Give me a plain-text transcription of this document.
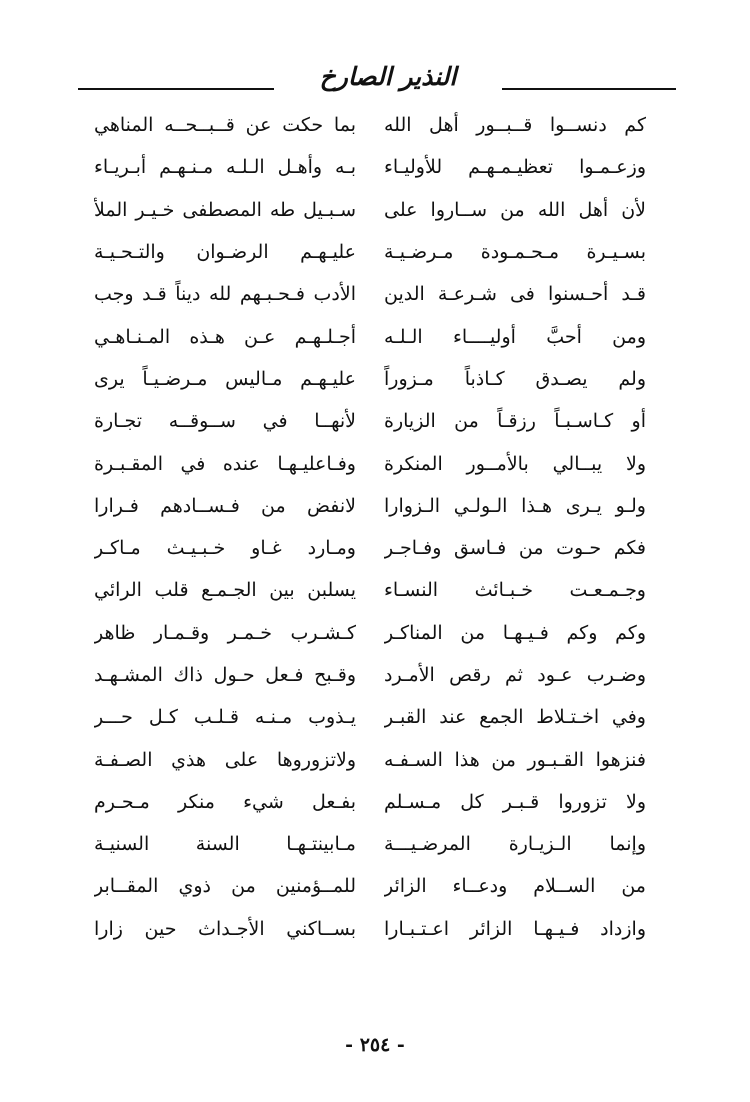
النذير الصارخ
كم دنســوا قــبــور أهل الله
بما حكت عن قــبــحــه المناهي
وزعـمـوا تعظيـمـهـم للأوليـاء
بـه وأهـل الـلـه مـنـهـم أبـريـاء
لأن أهل الله من ســاروا على
سـبـيل طه المصطفى خـيـر الملأ
بسـيـرة مـحـمـودة مـرضـيـة
عليـهـم الرضـوان والتـحـيـة
قـد أحـسنوا فى شـرعـة الدين
الأدب فـحـبـهم لله ديناً قـد وجب
ومن أحبَّ أوليــــاء الـلـه
أجـلـهـم عـن هـذه المـنـاهـي
ولم يصـدق كـاذباً مـزوراً
عليـهـم مـاليس مـرضـيـاً يرى
أو كـاسـبـاً رزقـاً من الزيارة
لأنهــا في ســوقــه تجـارة
ولا يبــالي بالأمــور المنكرة
وفـاعليـهـا عنده في المقـبـرة
ولـو يـرى هـذا الـولـي الـزوارا
لانفض من فـســادهم فـرارا
فكم حـوت من فـاسق وفـاجـر
ومـارد غـاو خـبـيـث مـاكـر
وجـمـعـت خـبـائث النسـاء
يسلبن بين الجـمـع قلب الرائي
وكم وكم فـيـهـا من المناكـر
كـشـرب خـمـر وقـمـار ظاهر
وضـرب عـود ثم رقص الأمـرد
وقـبح فـعل حـول ذاك المشـهـد
وفي اخـتـلاط الجمع عند القبـر
يـذوب مـنـه قـلـب كـل حـــر
فنزهوا القـبـور من هذا السـفـه
ولاتزوروها على هذي الصـفـة
ولا تزوروا قـبـر كل مـسـلم
بفـعل شيء منكر مـحـرم
وإنما الـزيـارة المرضـيـــة
مـابينتـهـا السنة السنيـة
من الســلام ودعــاء الزائر
للمــؤمنين من ذوي المقــابر
وازداد فـيـهـا الزائر اعـتـبـارا
بســاكني الأجـداث حين زارا
- ٢٥٤ -
